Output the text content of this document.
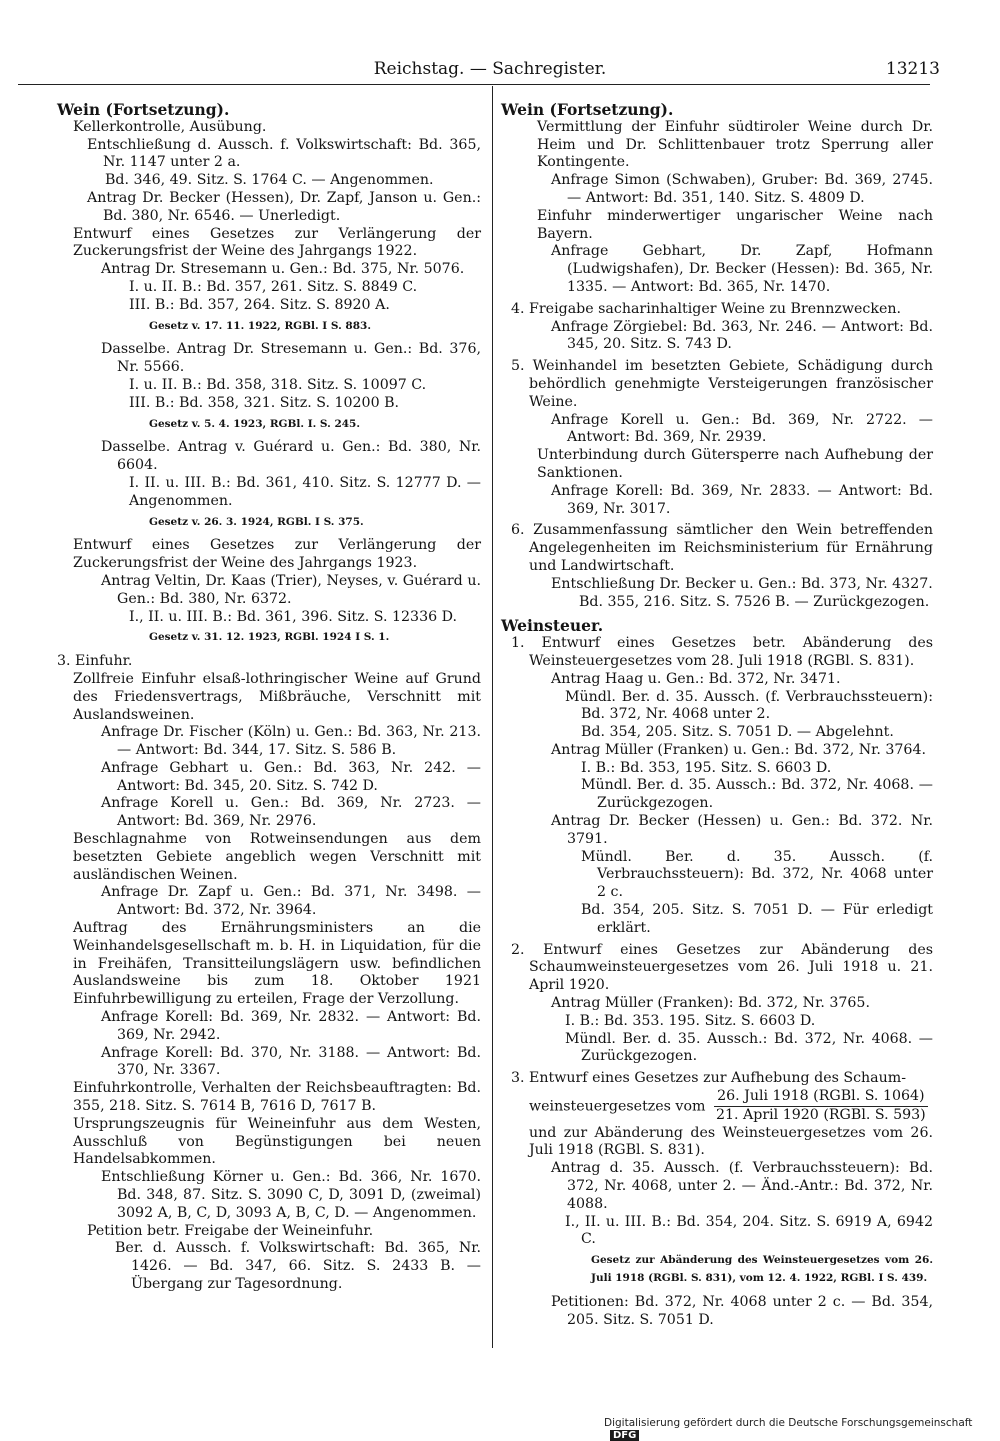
Reichstag. — Sachregister.	13213
Wein (Fortsetzung).
Kellerkontrolle, Ausübung.
Entschließung d. Aussch. f. Volkswirtschaft: Bd. 365, Nr. 1147 unter 2 a.
Bd. 346, 49. Sitz. S. 1764 C. — Angenommen.
Antrag Dr. Becker (Hessen), Dr. Zapf, Janson u. Gen.: Bd. 380, Nr. 6546. — Unerledigt.
Entwurf eines Gesetzes zur Verlängerung der Zuckerungsfrist der Weine des Jahrgangs 1922.
Antrag Dr. Stresemann u. Gen.: Bd. 375, Nr. 5076.
I. u. II. B.: Bd. 357, 261. Sitz. S. 8849 C.
III. B.: Bd. 357, 264. Sitz. S. 8920 A.
Gesetz v. 17. 11. 1922, RGBl. I S. 883.
Dasselbe. Antrag Dr. Stresemann u. Gen.: Bd. 376, Nr. 5566.
I. u. II. B.: Bd. 358, 318. Sitz. S. 10097 C.
III. B.: Bd. 358, 321. Sitz. S. 10200 B.
Gesetz v. 5. 4. 1923, RGBl. I. S. 245.
Dasselbe. Antrag v. Guérard u. Gen.: Bd. 380, Nr. 6604.
I. II. u. III. B.: Bd. 361, 410. Sitz. S. 12777 D. — Angenommen.
Gesetz v. 26. 3. 1924, RGBl. I S. 375.
Entwurf eines Gesetzes zur Verlängerung der Zuckerungsfrist der Weine des Jahrgangs 1923.
Antrag Veltin, Dr. Kaas (Trier), Neyses, v. Guérard u. Gen.: Bd. 380, Nr. 6372.
I., II. u. III. B.: Bd. 361, 396. Sitz. S. 12336 D.
Gesetz v. 31. 12. 1923, RGBl. 1924 I S. 1.
3. Einfuhr.
Zollfreie Einfuhr elsaß-lothringischer Weine auf Grund des Friedensvertrags, Mißbräuche, Verschnitt mit Auslandsweinen.
Anfrage Dr. Fischer (Köln) u. Gen.: Bd. 363, Nr. 213. — Antwort: Bd. 344, 17. Sitz. S. 586 B.
Anfrage Gebhart u. Gen.: Bd. 363, Nr. 242. — Antwort: Bd. 345, 20. Sitz. S. 742 D.
Anfrage Korell u. Gen.: Bd. 369, Nr. 2723. — Antwort: Bd. 369, Nr. 2976.
Beschlagnahme von Rotweinsendungen aus dem besetzten Gebiete angeblich wegen Verschnitt mit ausländischen Weinen.
Anfrage Dr. Zapf u. Gen.: Bd. 371, Nr. 3498. — Antwort: Bd. 372, Nr. 3964.
Auftrag des Ernährungsministers an die Weinhandelsgesellschaft m. b. H. in Liquidation, für die in Freihäfen, Transitteilungslägern usw. befindlichen Auslandsweine bis zum 18. Oktober 1921 Einfuhrbewilligung zu erteilen, Frage der Verzollung.
Anfrage Korell: Bd. 369, Nr. 2832. — Antwort: Bd. 369, Nr. 2942.
Anfrage Korell: Bd. 370, Nr. 3188. — Antwort: Bd. 370, Nr. 3367.
Einfuhrkontrolle, Verhalten der Reichsbeauftragten: Bd. 355, 218. Sitz. S. 7614 B, 7616 D, 7617 B.
Ursprungszeugnis für Weineinfuhr aus dem Westen, Ausschluß von Begünstigungen bei neuen Handelsabkommen.
Entschließung Körner u. Gen.: Bd. 366, Nr. 1670. Bd. 348, 87. Sitz. S. 3090 C, D, 3091 D, (zweimal) 3092 A, B, C, D, 3093 A, B, C, D. — Angenommen.
Petition betr. Freigabe der Weineinfuhr.
Ber. d. Aussch. f. Volkswirtschaft: Bd. 365, Nr. 1426. — Bd. 347, 66. Sitz. S. 2433 B. — Übergang zur Tagesordnung.
Wein (Fortsetzung).
Vermittlung der Einfuhr südtiroler Weine durch Dr. Heim und Dr. Schlittenbauer trotz Sperrung aller Kontingente.
Anfrage Simon (Schwaben), Gruber: Bd. 369, 2745. — Antwort: Bd. 351, 140. Sitz. S. 4809 D.
Einfuhr minderwertiger ungarischer Weine nach Bayern.
Anfrage Gebhart, Dr. Zapf, Hofmann (Ludwigshafen), Dr. Becker (Hessen): Bd. 365, Nr. 1335. — Antwort: Bd. 365, Nr. 1470.
4. Freigabe sacharinhaltiger Weine zu Brennzwecken.
Anfrage Zörgiebel: Bd. 363, Nr. 246. — Antwort: Bd. 345, 20. Sitz. S. 743 D.
5. Weinhandel im besetzten Gebiete, Schädigung durch behördlich genehmigte Versteigerungen französischer Weine.
Anfrage Korell u. Gen.: Bd. 369, Nr. 2722. — Antwort: Bd. 369, Nr. 2939.
Unterbindung durch Gütersperre nach Aufhebung der Sanktionen.
Anfrage Korell: Bd. 369, Nr. 2833. — Antwort: Bd. 369, Nr. 3017.
6. Zusammenfassung sämtlicher den Wein betreffenden Angelegenheiten im Reichsministerium für Ernährung und Landwirtschaft.
Entschließung Dr. Becker u. Gen.: Bd. 373, Nr. 4327.
Bd. 355, 216. Sitz. S. 7526 B. — Zurückgezogen.
Weinsteuer.
1. Entwurf eines Gesetzes betr. Abänderung des Weinsteuergesetzes vom 28. Juli 1918 (RGBl. S. 831).
Antrag Haag u. Gen.: Bd. 372, Nr. 3471.
Mündl. Ber. d. 35. Aussch. (f. Verbrauchssteuern): Bd. 372, Nr. 4068 unter 2.
Bd. 354, 205. Sitz. S. 7051 D. — Abgelehnt.
Antrag Müller (Franken) u. Gen.: Bd. 372, Nr. 3764.
I. B.: Bd. 353, 195. Sitz. S. 6603 D.
Mündl. Ber. d. 35. Aussch.: Bd. 372, Nr. 4068. — Zurückgezogen.
Antrag Dr. Becker (Hessen) u. Gen.: Bd. 372. Nr. 3791.
Mündl. Ber. d. 35. Aussch. (f. Verbrauchssteuern): Bd. 372, Nr. 4068 unter 2 c.
Bd. 354, 205. Sitz. S. 7051 D. — Für erledigt erklärt.
2. Entwurf eines Gesetzes zur Abänderung des Schaumweinsteuergesetzes vom 26. Juli 1918 u. 21. April 1920.
Antrag Müller (Franken): Bd. 372, Nr. 3765.
I. B.: Bd. 353. 195. Sitz. S. 6603 D.
Mündl. Ber. d. 35. Aussch.: Bd. 372, Nr. 4068. — Zurückgezogen.
3. Entwurf eines Gesetzes zur Aufhebung des Schaum-
weinsteuergesetzes vom $\frac{\text{26. Juli 1918 (RGBl. S. 1064)}}{\text{21. April 1920 (RGBl. S. 593)}}$
und zur Abänderung des Weinsteuergesetzes vom 26. Juli 1918 (RGBl. S. 831).
Antrag d. 35. Aussch. (f. Verbrauchssteuern): Bd. 372, Nr. 4068, unter 2. — Änd.-Antr.: Bd. 372, Nr. 4088.
I., II. u. III. B.: Bd. 354, 204. Sitz. S. 6919 A, 6942 C.
Gesetz zur Abänderung des Weinsteuergesetzes vom 26. Juli 1918 (RGBl. S. 831), vom 12. 4. 1922, RGBl. I S. 439.
Petitionen: Bd. 372, Nr. 4068 unter 2 c. — Bd. 354, 205. Sitz. S. 7051 D.
Digitalisierung gefördert durch die Deutsche ForschungsgemeinschaftDFG
